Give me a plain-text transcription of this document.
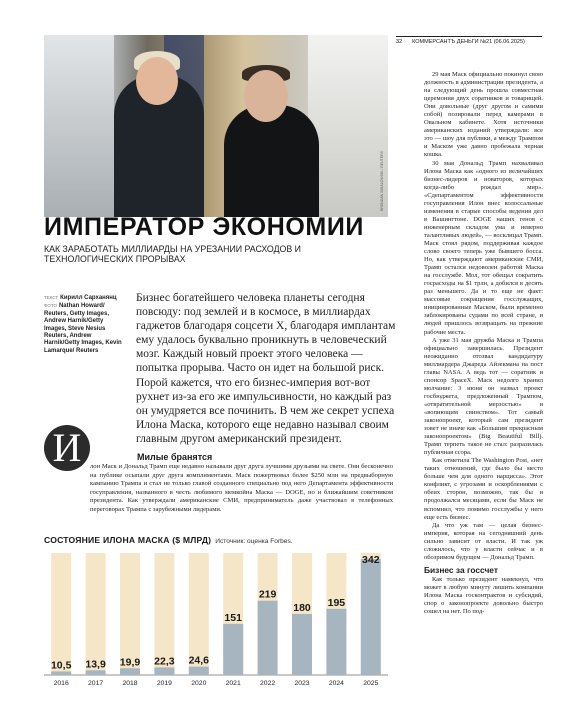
BRENDAN SMIALOWSKI / REUTERS
32 КОММЕРСАНТЪ ДЕНЬГИ №21 (06.06.2025)
ИМПЕРАТОР ЭКОНОМИИ
КАК ЗАРАБОТАТЬ МИЛЛИАРДЫ НА УРЕЗАНИИ РАСХОДОВ И ТЕХНОЛОГИЧЕСКИХ ПРОРЫВАХ
ТЕКСТ Кирилл Сарханянц
ФОТО Nathan Howard/ Reuters, Getty Images, Andrew Harnik/Getty Images, Steve Nesius Reuters, Andrew Harnik/Getty Images, Kevin Lamarque/ Reuters
Бизнес богатейшего человека планеты сегодня повсюду: под землей и в космосе, в миллиардах гаджетов благодаря соцсети X, благодаря имплантам ему удалось буквально проникнуть в человеческий мозг. Каждый новый проект этого человека — попытка прорыва. Часто он идет на большой риск. Порой кажется, что его бизнес-империя вот-вот рухнет из-за его же импульсивности, но каждый раз он умудряется все починить. В чем же секрет успеха Илона Маска, которого еще недавно называл своим главным другом американский президент.
И	Милые бранятся
лон Маск и Дональд Трамп еще недавно называли друг друга лучшими друзьями на свете. Они бесконечно на публике осыпали друг друга комплиментами. Маск пожертвовал более $250 млн на предвыборную кампанию Трампа и стал не только главой созданного специально под него Департамента эффективности госуправления, названного в честь любимого мемкойна Маска — DOGE, но и ближайшим советником президента. Как утверждали американские СМИ, предприниматель даже участвовал в телефонных переговорах Трампа с зарубежными лидерами.
СОСТОЯНИЕ ИЛОНА МАСКА ($ МЛРД) Источник: оценка Forbes.
10,5
2016
13,9
2017
19,9
2018
22,3
2019
24,6
2020
151
2021
219
2022
180
2023
195
2024
342
2025

29 мая Маск официально покинул свою должность в администрации президента, а на следующий день прошла совместная церемония двух соратников и товарищей. Они довольные (друг другом и самими собой) позировали перед камерами в Овальном кабинете. Хотя источники американских изданий утверждали: все это — шоу для публики, а между Трампом и Маском уже давно пробежала черная кошка.

30 мая Дональд Трамп нахваливал Илона Маска как «одного из величайших бизнес-лидеров и новаторов, которых когда-либо рождал мир». «Сдепартаментом эффективности госуправления Илон внес колоссальные изменения в старые способы ведения дел в Вашингтоне. DOGE наших генов с инженерным складом ума и неверно талантливых людей», — восклицал Трамп. Маск стоял рядом, поддерживая каждое слово своего теперь уже бывшего босса. Но, как утверждают американские СМИ, Трамп остался недоволен работой Маска на госслужбе. Мол, тот обещал сократить госрасходы на $1 трлн, а добился в десять раз меньшего. Да и то еще не факт: массовые сокращения госслужащих, инициированные Маском, были временно заблокированы судами по всей стране, и людей пришлось возвращать на прежние рабочие места.

А уже 31 мая дружба Маска и Трампа официально завершилась. Президент неожиданно отозвал кандидатуру миллиардера Джареда Айзекмана на пост главы NASA. А ведь тот — соратник и спонсор SpaceX. Маск недолго хранил молчание: 3 июня он назвал проект госбюджета, предложенный Трампом, «отвратительной мерзостью» и «вопиющим свинством». Тот самый законопроект, который сам президент зовет не иначе как «Большим прекрасным законопроектом» (Big Beautiful Bill). Трамп терпеть такое не стал: разразилась публичная ссора.

Как отметила The Washington Post, «нет таких отношений, где было бы место больше чем для одного нарцисса». Этот конфликт, с угрозами и оскорблениями с обеих сторон, возможно, так бы и продолжался месяцами, если бы Маск не вспомнил, что помимо госслужбы у него еще есть бизнес.

Да что уж там — целая бизнес-империя, которая на сегодняшний день сильно зависит от власти. И так уж сложилось, что у власти сейчас и в обозримом будущем — Дональд Трамп.

Бизнес за госсчет

Как только президент намекнул, что может в любую минуту лишить компании Илона Маска госконтрактов и субсидий, спор о законопроекте довольно быстро сошел на нет. По под-
